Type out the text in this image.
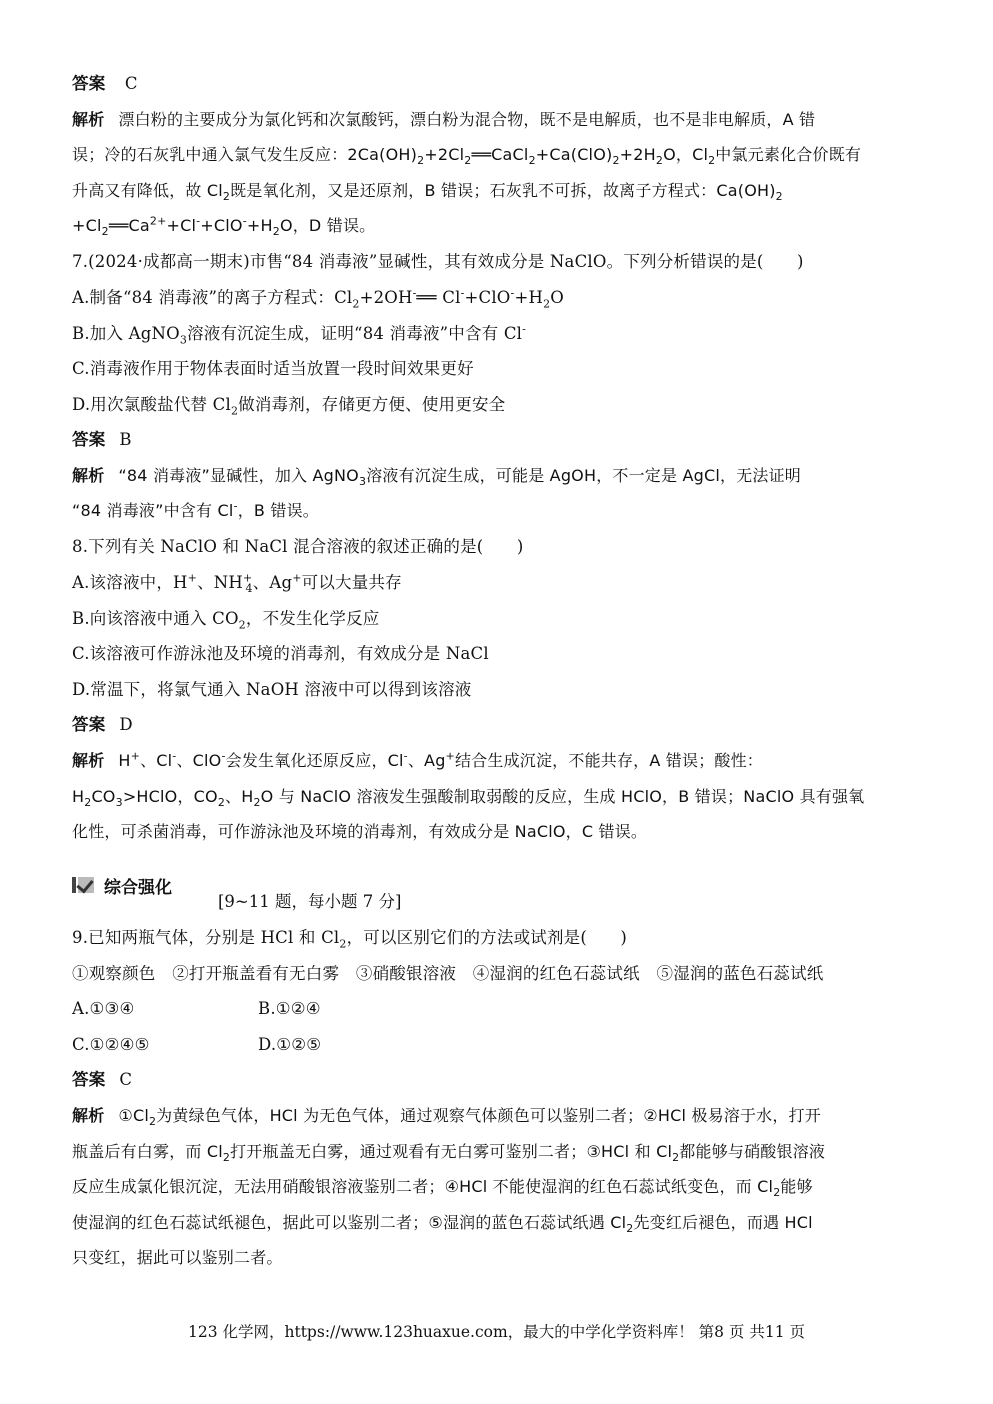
答案 C
解析 漂白粉的主要成分为氯化钙和次氯酸钙，漂白粉为混合物，既不是电解质，也不是非电解质，A 错
误；冷的石灰乳中通入氯气发生反应：$2Ca(OH)_2+2Cl_2══CaCl_2+Ca(ClO)_2+2H_2O$，$Cl_2$中氯元素化合价既有
升高又有降低，故 $Cl_2$既是氧化剂，又是还原剂，B 错误；石灰乳不可拆，故离子方程式：$Ca(OH)_2$
$+Cl_2══Ca^{2+}+Cl^-+ClO^-+H_2O$，D 错误。
7.(2024·成都高一期末)市售“84 消毒液”显碱性，其有效成分是 NaClO。下列分析错误的是(　　)
A.制备“84 消毒液”的离子方程式：$Cl_2+2OH^-══$ $Cl^-+ClO^-+H_2O$
B.加入 AgNO$_3$溶液有沉淀生成，证明“84 消毒液”中含有 Cl-
C.消毒液作用于物体表面时适当放置一段时间效果更好
D.用次氯酸盐代替 $Cl_2$做消毒剂，存储更方便、使用更安全
答案 B
解析 “84 消毒液”显碱性，加入 AgNO$_3$溶液有沉淀生成，可能是 AgOH，不一定是 AgCl，无法证明
“84 消毒液”中含有 Cl-，B 错误。
8.下列有关 NaClO 和 NaCl 混合溶液的叙述正确的是(　　)
A.该溶液中，H+、$NH^+_4$、Ag+可以大量共存
B.向该溶液中通入 $CO_2$，不发生化学反应
C.该溶液可作游泳池及环境的消毒剂，有效成分是 NaCl
D.常温下，将氯气通入 NaOH 溶液中可以得到该溶液
答案 D
解析 H+、Cl-、ClO-会发生氧化还原反应，Cl-、Ag+结合生成沉淀，不能共存，A 错误；酸性：
$H_2CO_3>HClO$，$CO_2$、$H_2O$ 与 NaClO 溶液发生强酸制取弱酸的反应，生成 HClO，B 错误；NaClO 具有强氧
化性，可杀菌消毒，可作游泳池及环境的消毒剂，有效成分是 NaClO，C 错误。
综合强化
[9~11 题，每小题 7 分]
9.已知两瓶气体，分别是 HCl 和 $Cl_2$，可以区别它们的方法或试剂是(　　)
①观察颜色　②打开瓶盖看有无白雾　③硝酸银溶液　④湿润的红色石蕊试纸　⑤湿润的蓝色石蕊试纸
A.①③④	B.①②④
C.①②④⑤	D.①②⑤
答案 C
解析 $①Cl_2$为黄绿色气体，HCl 为无色气体，通过观察气体颜色可以鉴别二者；②HCl 极易溶于水，打开
瓶盖后有白雾，而 $Cl_2$打开瓶盖无白雾，通过观看有无白雾可鉴别二者；③HCl 和 $Cl_2$都能够与硝酸银溶液
反应生成氯化银沉淀，无法用硝酸银溶液鉴别二者；④HCl 不能使湿润的红色石蕊试纸变色，而 $Cl_2$能够
使湿润的红色石蕊试纸褪色，据此可以鉴别二者；⑤湿润的蓝色石蕊试纸遇 $Cl_2$先变红后褪色，而遇 HCl
只变红，据此可以鉴别二者。
123 化学网，https://www.123huaxue.com，最大的中学化学资料库！ 第8 页 共11 页
